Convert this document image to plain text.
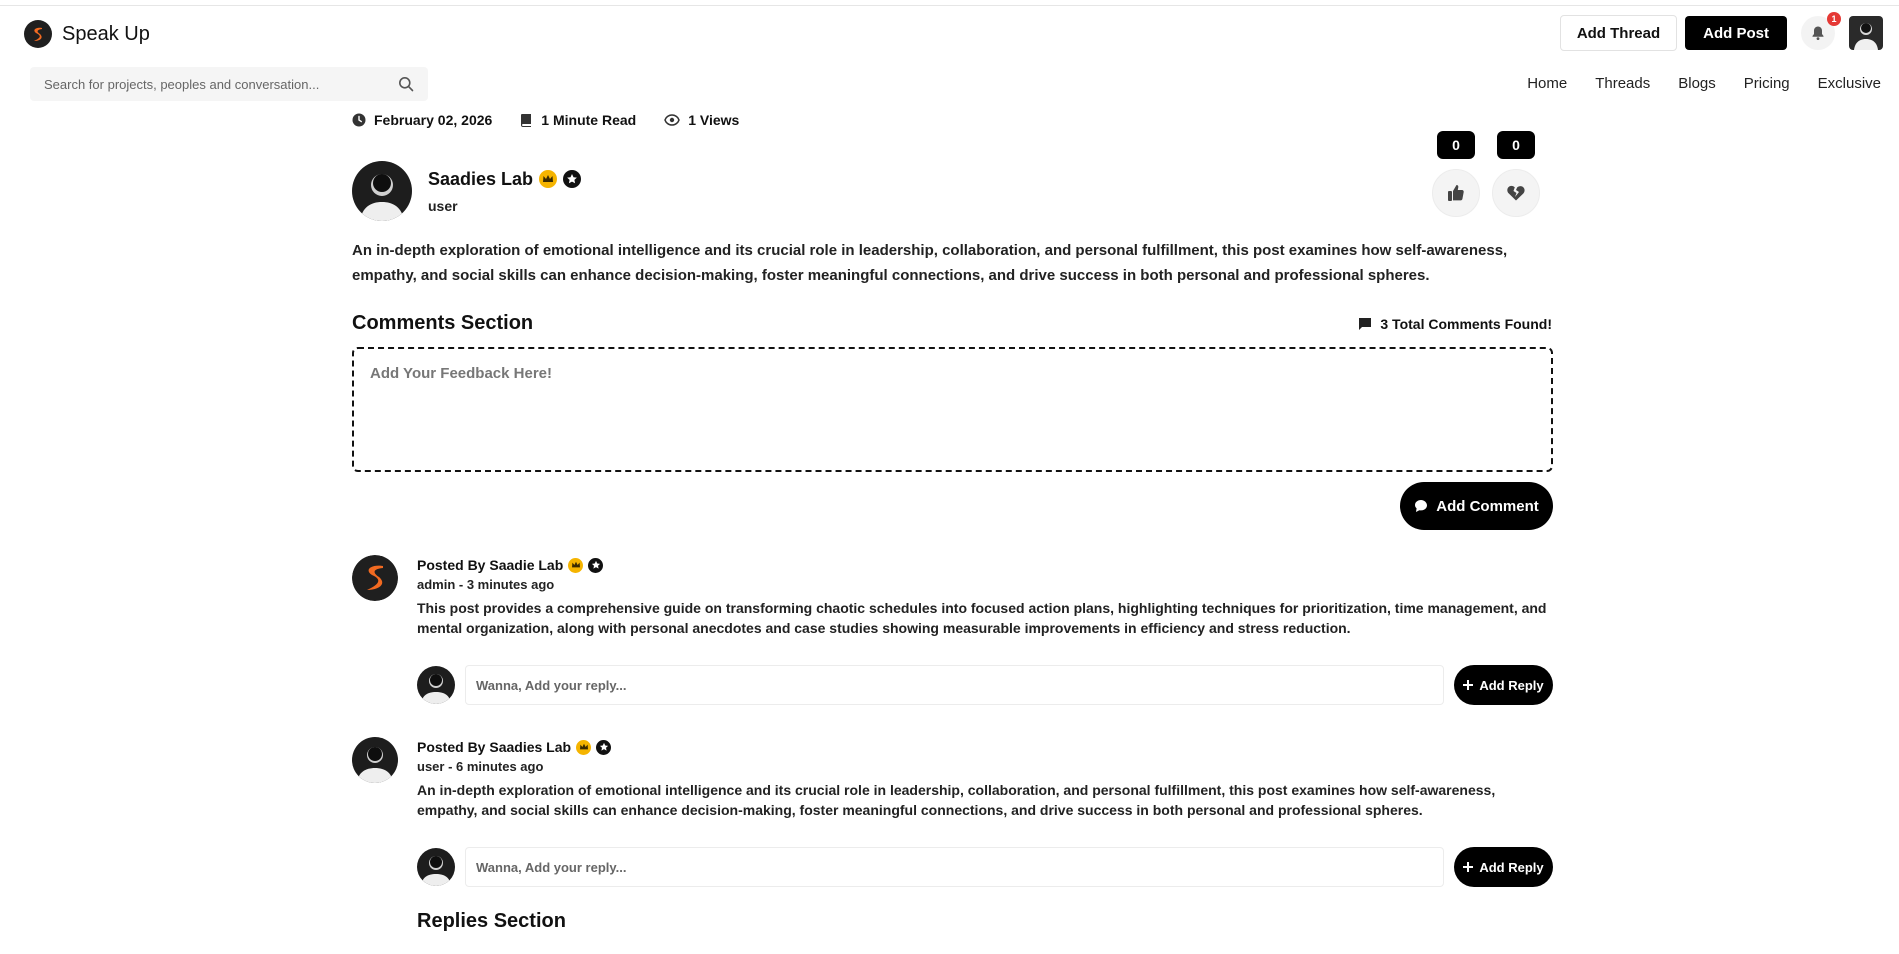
Speak Up	Add Thread	Add Post
1
Search for projects, peoples and conversation...
Home Threads Blogs Pricing Exclusive
February 02, 2026	1 Minute Read	1 Views
Saadies Lab
user
0	0

An in-depth exploration of emotional intelligence and its crucial role in leadership, collaboration, and personal fulfillment, this post examines how self-awareness, empathy, and social skills can enhance decision-making, foster meaningful connections, and drive success in both personal and professional spheres.

Comments Section	3 Total Comments Found!
Add Your Feedback Here!
Add Comment
Posted By Saadie Lab
admin - 3 minutes ago

This post provides a comprehensive guide on transforming chaotic schedules into focused action plans, highlighting techniques for prioritization, time management, and mental organization, along with personal anecdotes and case studies showing measurable improvements in efficiency and stress reduction.

Wanna, Add your reply...
Add Reply
Posted By Saadies Lab
user - 6 minutes ago

An in-depth exploration of emotional intelligence and its crucial role in leadership, collaboration, and personal fulfillment, this post examines how self-awareness, empathy, and social skills can enhance decision-making, foster meaningful connections, and drive success in both personal and professional spheres.

Wanna, Add your reply...
Add Reply
Replies Section
